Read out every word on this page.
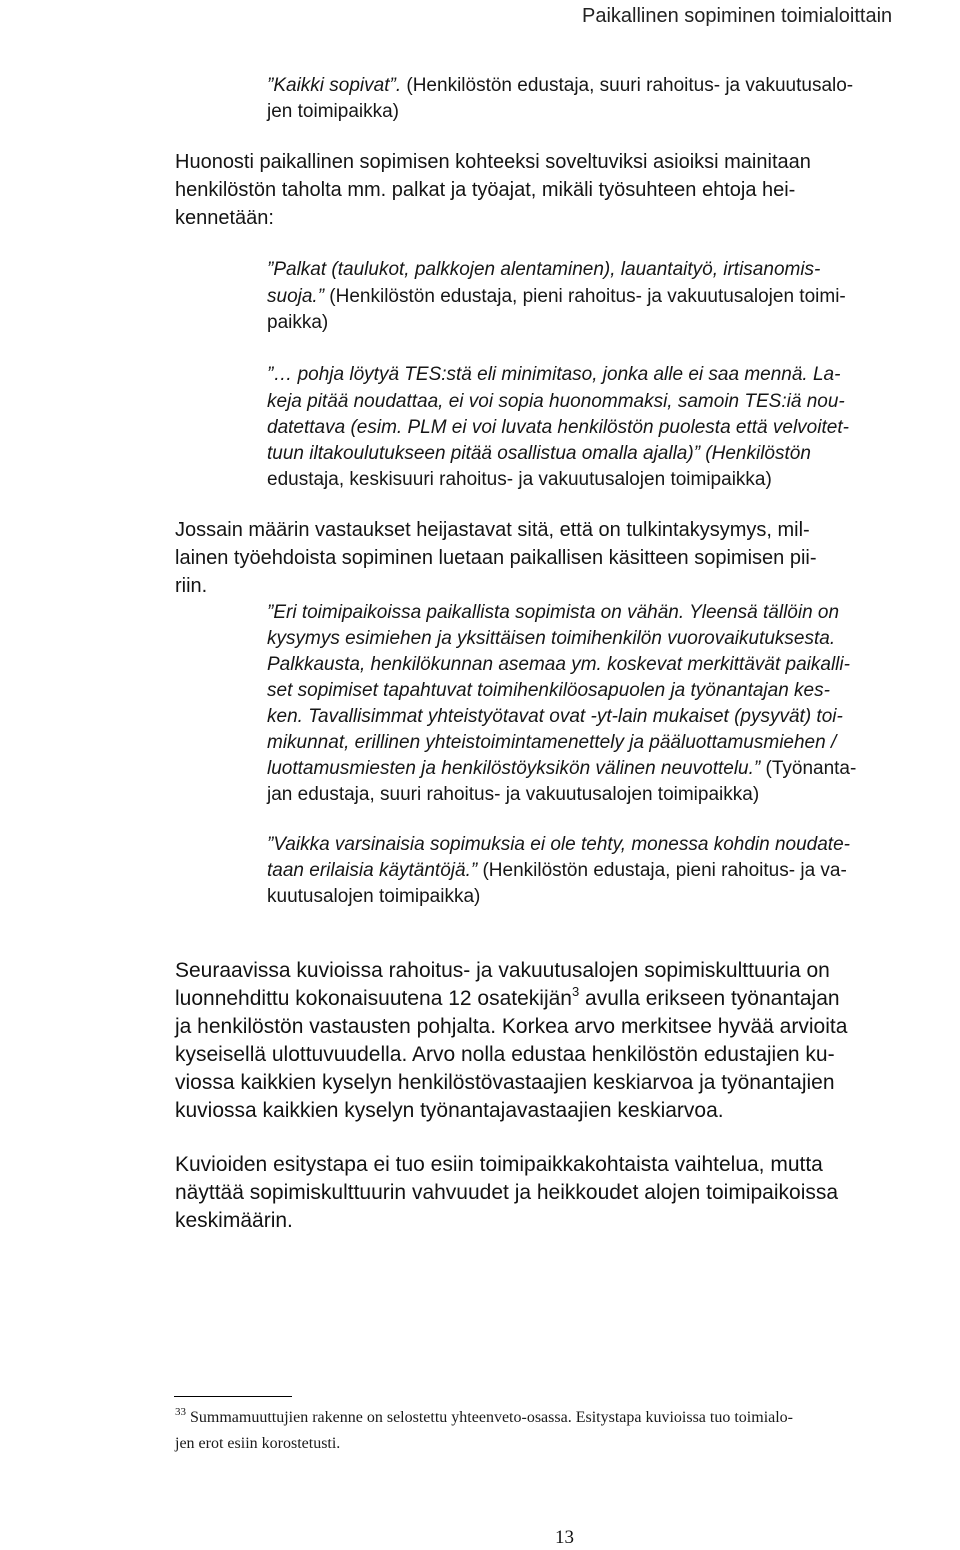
Paikallinen sopiminen toimialoittain
”Kaikki sopivat”. (Henkilöstön edustaja, suuri rahoitus- ja vakuutusalo-
jen toimipaikka)
Huonosti paikallinen sopimisen kohteeksi soveltuviksi asioiksi mainitaan
henkilöstön taholta mm. palkat ja työajat, mikäli työsuhteen ehtoja hei-
kennetään:
”Palkat (taulukot, palkkojen alentaminen), lauantaityö, irtisanomis-
suoja.” (Henkilöstön edustaja, pieni rahoitus- ja vakuutusalojen toimi-
paikka)
”… pohja löytyä TES:stä eli minimitaso, jonka alle ei saa mennä. La-
keja pitää noudattaa, ei voi sopia huonommaksi, samoin TES:iä nou-
datettava (esim. PLM ei voi luvata henkilöstön puolesta että velvoitet-
tuun iltakoulutukseen pitää osallistua omalla ajalla)” (Henkilöstön
edustaja, keskisuuri rahoitus- ja vakuutusalojen toimipaikka)
Jossain määrin vastaukset heijastavat sitä, että on tulkintakysymys, mil-
lainen työehdoista sopiminen luetaan paikallisen käsitteen sopimisen pii-
riin.
”Eri toimipaikoissa paikallista sopimista on vähän. Yleensä tällöin on
kysymys esimiehen ja yksittäisen toimihenkilön vuorovaikutuksesta.
Palkkausta, henkilökunnan asemaa ym. koskevat merkittävät paikalli-
set sopimiset tapahtuvat toimihenkilöosapuolen ja työnantajan kes-
ken. Tavallisimmat yhteistyötavat ovat -yt-lain mukaiset (pysyvät) toi-
mikunnat, erillinen yhteistoimintamenettely ja pääluottamusmiehen /
luottamusmiesten ja henkilöstöyksikön välinen neuvottelu.” (Työnanta-
jan edustaja, suuri rahoitus- ja vakuutusalojen toimipaikka)
”Vaikka varsinaisia sopimuksia ei ole tehty, monessa kohdin noudate-
taan erilaisia käytäntöjä.” (Henkilöstön edustaja, pieni rahoitus- ja va-
kuutusalojen toimipaikka)
Seuraavissa kuvioissa rahoitus- ja vakuutusalojen sopimiskulttuuria on
luonnehdittu kokonaisuutena 12 osatekijän$^3$ avulla erikseen työnantajan
ja henkilöstön vastausten pohjalta. Korkea arvo merkitsee hyvää arvioita
kyseisellä ulottuvuudella. Arvo nolla edustaa henkilöstön edustajien ku-
viossa kaikkien kyselyn henkilöstövastaajien keskiarvoa ja työnantajien
kuviossa kaikkien kyselyn työnantajavastaajien keskiarvoa.
Kuvioiden esitystapa ei tuo esiin toimipaikkakohtaista vaihtelua, mutta
näyttää sopimiskulttuurin vahvuudet ja heikkoudet alojen toimipaikoissa
keskimäärin.
$^{33}$ Summamuuttujien rakenne on selostettu yhteenveto-osassa. Esitystapa kuvioissa tuo toimialo-
jen erot esiin korostetusti.
13
